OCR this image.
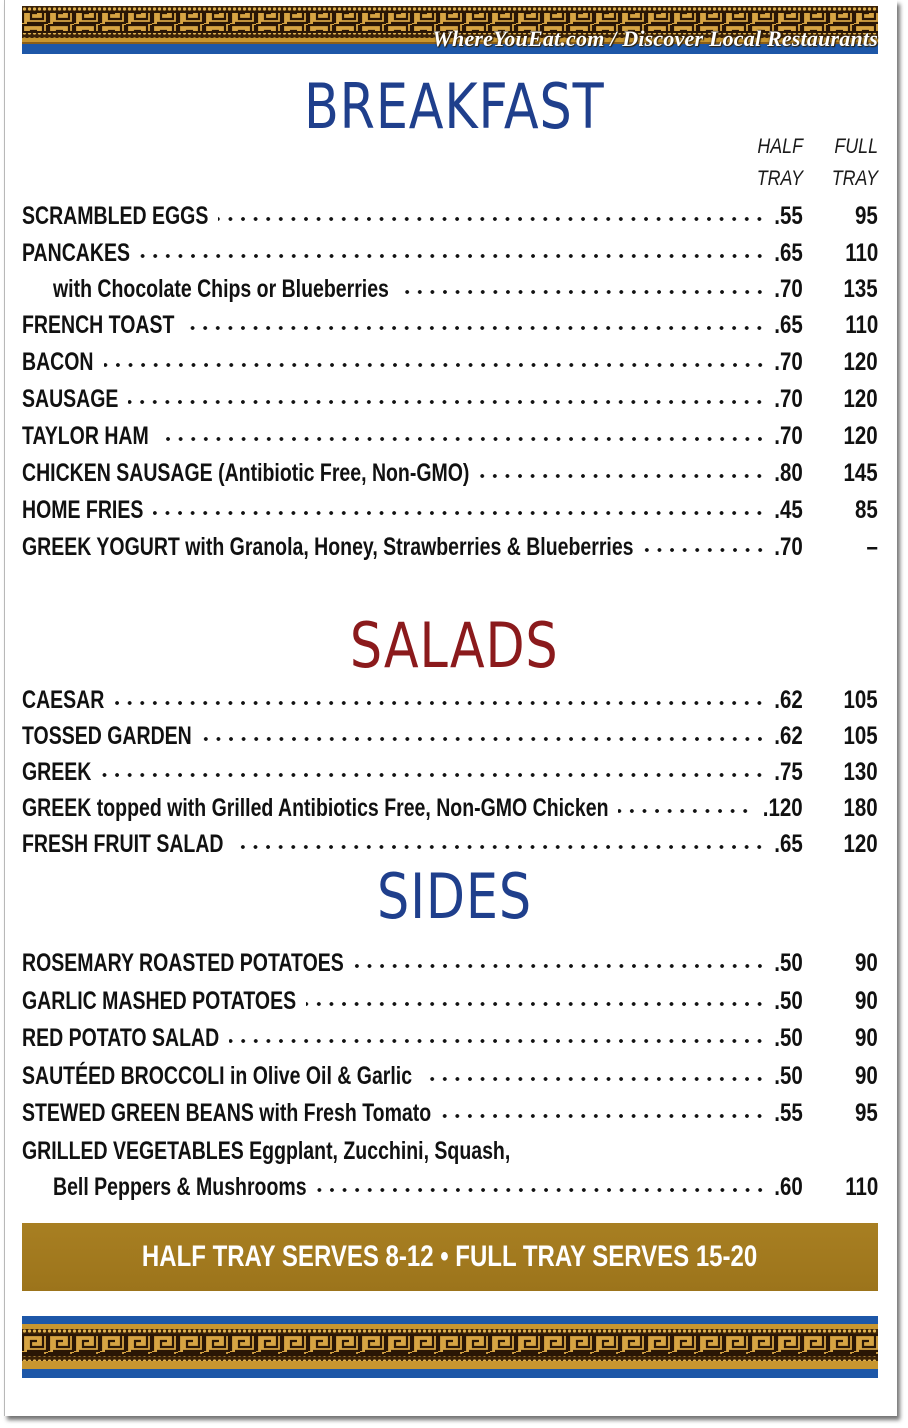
WhereYouEat.com / Discover Local Restaurants
BREAKFAST
HALF
TRAY
FULL
TRAY
SCRAMBLED EGGS	.55	95
PANCAKES	.65	110
with Chocolate Chips or Blueberries	.70	135
FRENCH TOAST	.65	110
BACON	.70	120
SAUSAGE	.70	120
TAYLOR HAM	.70	120
CHICKEN SAUSAGE (Antibiotic Free, Non-GMO)	.80	145
HOME FRIES	.45	85
GREEK YOGURT with Granola, Honey, Strawberries & Blueberries	.70	–
SALADS
CAESAR	.62	105
TOSSED GARDEN	.62	105
GREEK	.75	130
GREEK topped with Grilled Antibiotics Free, Non-GMO Chicken	.120	180
FRESH FRUIT SALAD	.65	120
SIDES
ROSEMARY ROASTED POTATOES	.50	90
GARLIC MASHED POTATOES	.50	90
RED POTATO SALAD	.50	90
SAUTÉED BROCCOLI in Olive Oil & Garlic	.50	90
STEWED GREEN BEANS with Fresh Tomato	.55	95
GRILLED VEGETABLES Eggplant, Zucchini, Squash,
Bell Peppers & Mushrooms	.60	110
HALF TRAY SERVES 8-12 • FULL TRAY SERVES 15-20
